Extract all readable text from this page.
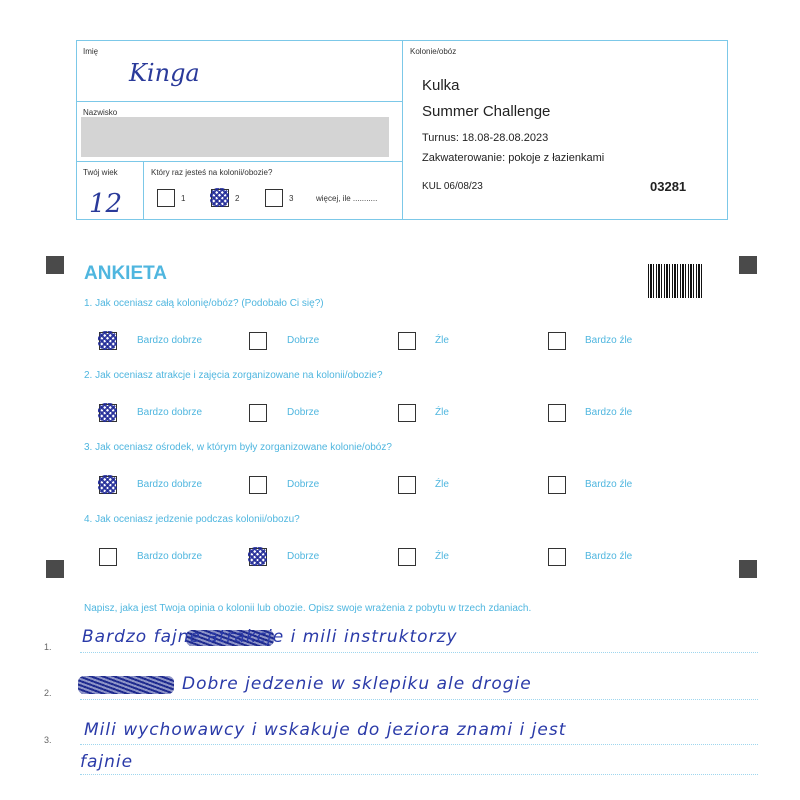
Imię
Kinga
Nazwisko
Twój wiek
12
Który raz jesteś na kolonii/obozie?
1	2	3	więcej, ile ...........
Kolonie/obóz
Kulka
Summer Challenge
Turnus: 18.08-28.08.2023
Zakwaterowanie: pokoje z łazienkami
KUL 06/08/23	03281
ANKIETA
1. Jak oceniasz całą kolonię/obóz? (Podobało Ci się?)
Bardzo dobrze	Dobrze	Źle	Bardzo źle
2. Jak oceniasz atrakcje i zajęcia zorganizowane na kolonii/obozie?
Bardzo dobrze	Dobrze	Źle	Bardzo źle
3. Jak oceniasz ośrodek, w którym były zorganizowane kolonie/obóz?
Bardzo dobrze	Dobrze	Źle	Bardzo źle
4. Jak oceniasz jedzenie podczas kolonii/obozu?
Bardzo dobrze	Dobrze	Źle	Bardzo źle
Napisz, jaka jest Twoja opinia o kolonii lub obozie. Opisz swoje wrażenia z pobytu w trzech zdaniach.
1.
2.
3.
Bardzo fajne atrakcje i mili instruktorzy
Dobre jedzenie w sklepiku ale drogie
Mili wychowawcy i wskakuje do jeziora znami i jest
fajnie
